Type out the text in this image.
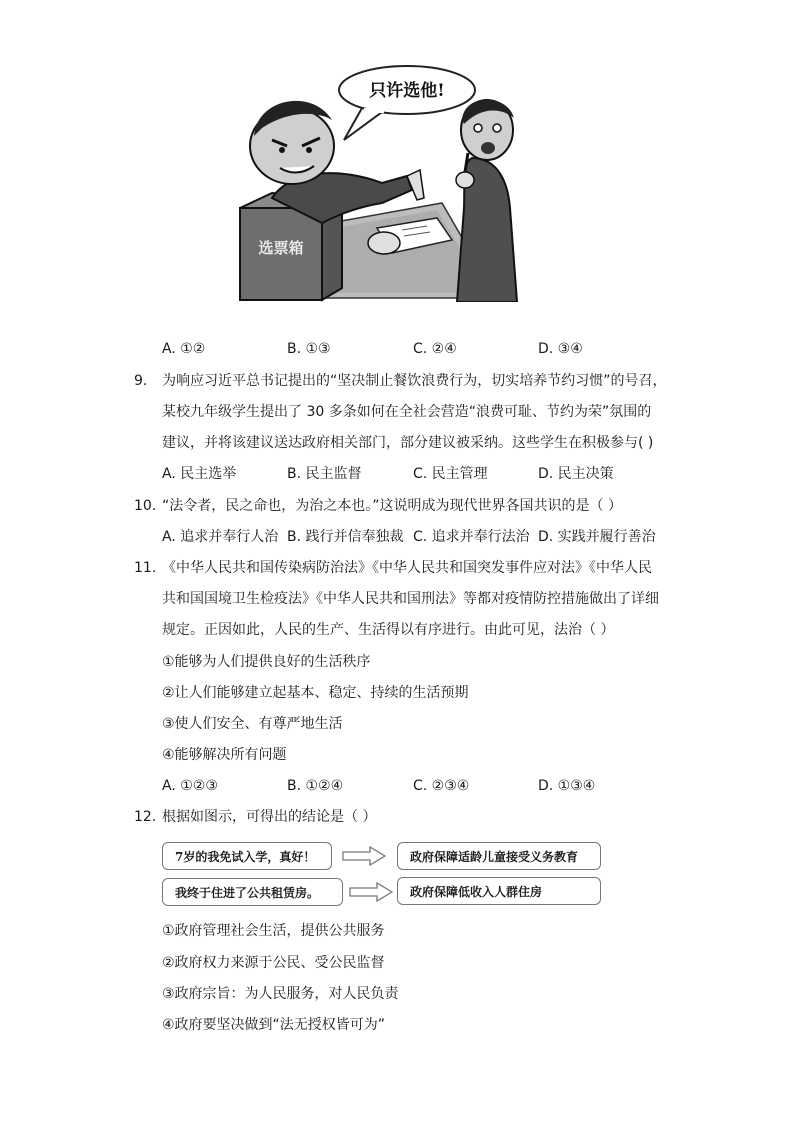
只许选他!
选票箱
A. ①②	B. ①③	C. ②④	D. ③④
9. 为响应习近平总书记提出的“坚决制止餐饮浪费行为，切实培养节约习惯”的号召，
某校九年级学生提出了 30 多条如何在全社会营造“浪费可耻、节约为荣”氛围的
建议，并将该建议送达政府相关部门，部分建议被采纳。这些学生在积极参与( )
A. 民主选举	B. 民主监督	C. 民主管理	D. 民主决策
10. “法令者，民之命也，为治之本也。”这说明成为现代世界各国共识的是（ ）
A. 追求并奉行人治 B. 践行并信奉独裁 C. 追求并奉行法治 D. 实践并履行善治
11. 《中华人民共和国传染病防治法》《中华人民共和国突发事件应对法》《中华人民
共和国国境卫生检疫法》《中华人民共和国刑法》等都对疫情防控措施做出了详细
规定。正因如此，人民的生产、生活得以有序进行。由此可见，法治（ ）
①能够为人们提供良好的生活秩序
②让人们能够建立起基本、稳定、持续的生活预期
③使人们安全、有尊严地生活
④能够解决所有问题
A. ①②③	B. ①②④	C. ②③④	D. ①③④
12. 根据如图示，可得出的结论是（ ）
7岁的我免试入学，真好！	政府保障适龄儿童接受义务教育
我终于住进了公共租赁房。	政府保障低收入人群住房
①政府管理社会生活，提供公共服务
②政府权力来源于公民、受公民监督
③政府宗旨：为人民服务，对人民负责
④政府要坚决做到“法无授权皆可为”
